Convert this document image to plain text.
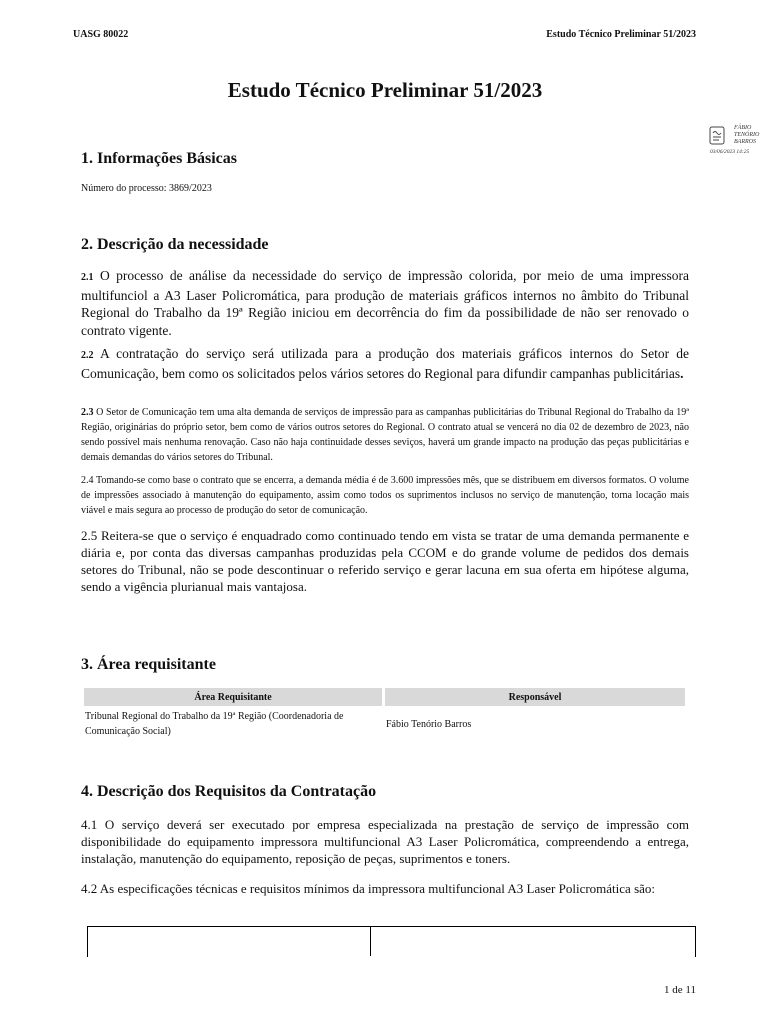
UASG 80022	Estudo Técnico Preliminar 51/2023
Estudo Técnico Preliminar 51/2023
FÁBIO
TENÓRIO
BARROS
03/06/2023 14:25
1. Informações Básicas
Número do processo: 3869/2023
2. Descrição da necessidade
2.1 O processo de análise da necessidade do serviço de impressão colorida, por meio de uma impressora multifunciol a A3 Laser Policromática, para produção de materiais gráficos internos no âmbito do Tribunal Regional do Trabalho da 19ª Região iniciou em decorrência do fim da possibilidade de não ser renovado o contrato vigente.
2.2 A contratação do serviço será utilizada para a produção dos materiais gráficos internos do Setor de Comunicação, bem como os solicitados pelos vários setores do Regional para difundir campanhas publicitárias.
2.3 O Setor de Comunicação tem uma alta demanda de serviços de impressão para as campanhas publicitárias do Tribunal Regional do Trabalho da 19ª Região, originárias do próprio setor, bem como de vários outros setores do Regional. O contrato atual se vencerá no dia 02 de dezembro de 2023, não sendo possível mais nenhuma renovação. Caso não haja continuidade desses seviços, haverá um grande impacto na produção das peças publicitárias e demais demandas do vários setores do Tribunal.
2.4 Tomando-se como base o contrato que se encerra, a demanda média é de 3.600 impressões mês, que se distribuem em diversos formatos. O volume de impressões associado à manutenção do equipamento, assim como todos os suprimentos inclusos no serviço de manutenção, torna locação mais viável e mais segura ao processo de produção do setor de comunicação.
2.5 Reitera-se que o serviço é enquadrado como continuado tendo em vista se tratar de uma demanda permanente e diária e, por conta das diversas campanhas produzidas pela CCOM e do grande volume de pedidos dos demais setores do Tribunal, não se pode descontinuar o referido serviço e gerar lacuna em sua oferta em hipótese alguma, sendo a vigência plurianual mais vantajosa.
3. Área requisitante
Área Requisitante	Responsável
Tribunal Regional do Trabalho da 19ª Região (Coordenadoria de Comunicação Social)	Fábio Tenório Barros
4. Descrição dos Requisitos da Contratação
4.1 O serviço deverá ser executado por empresa especializada na prestação de serviço de impressão com disponibilidade do equipamento impressora multifuncional A3 Laser Policromática, compreendendo a entrega, instalação, manutenção do equipamento, reposição de peças, suprimentos e toners.
4.2 As especificações técnicas e requisitos mínimos da impressora multifuncional A3 Laser Policromática são:
1 de 11
